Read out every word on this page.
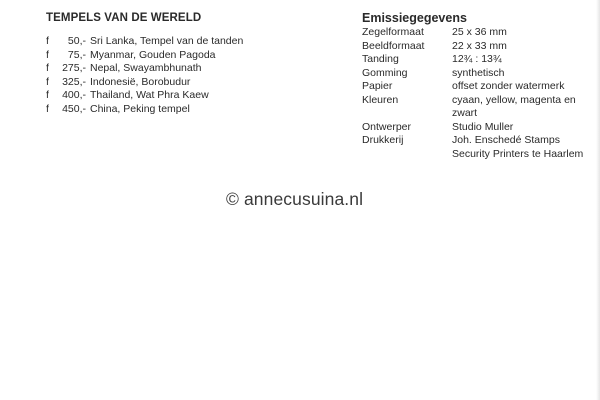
TEMPELS VAN DE WERELD
f	50,- Sri Lanka, Tempel van de tanden
f	75,- Myanmar, Gouden Pagoda
f	275,- Nepal, Swayambhunath
f	325,- Indonesië, Borobudur
f	400,- Thailand, Wat Phra Kaew
f	450,- China, Peking tempel
Emissiegegevens
Zegelformaat	25 x 36 mm
Beeldformaat	22 x 33 mm
Tanding	12¾ : 13¾
Gomming	synthetisch
Papier	offset zonder watermerk
Kleuren	cyaan, yellow, magenta en
zwart
Ontwerper	Studio Muller
Drukkerij	Joh. Enschedé Stamps
Security Printers te Haarlem
© annecusuina.nl
